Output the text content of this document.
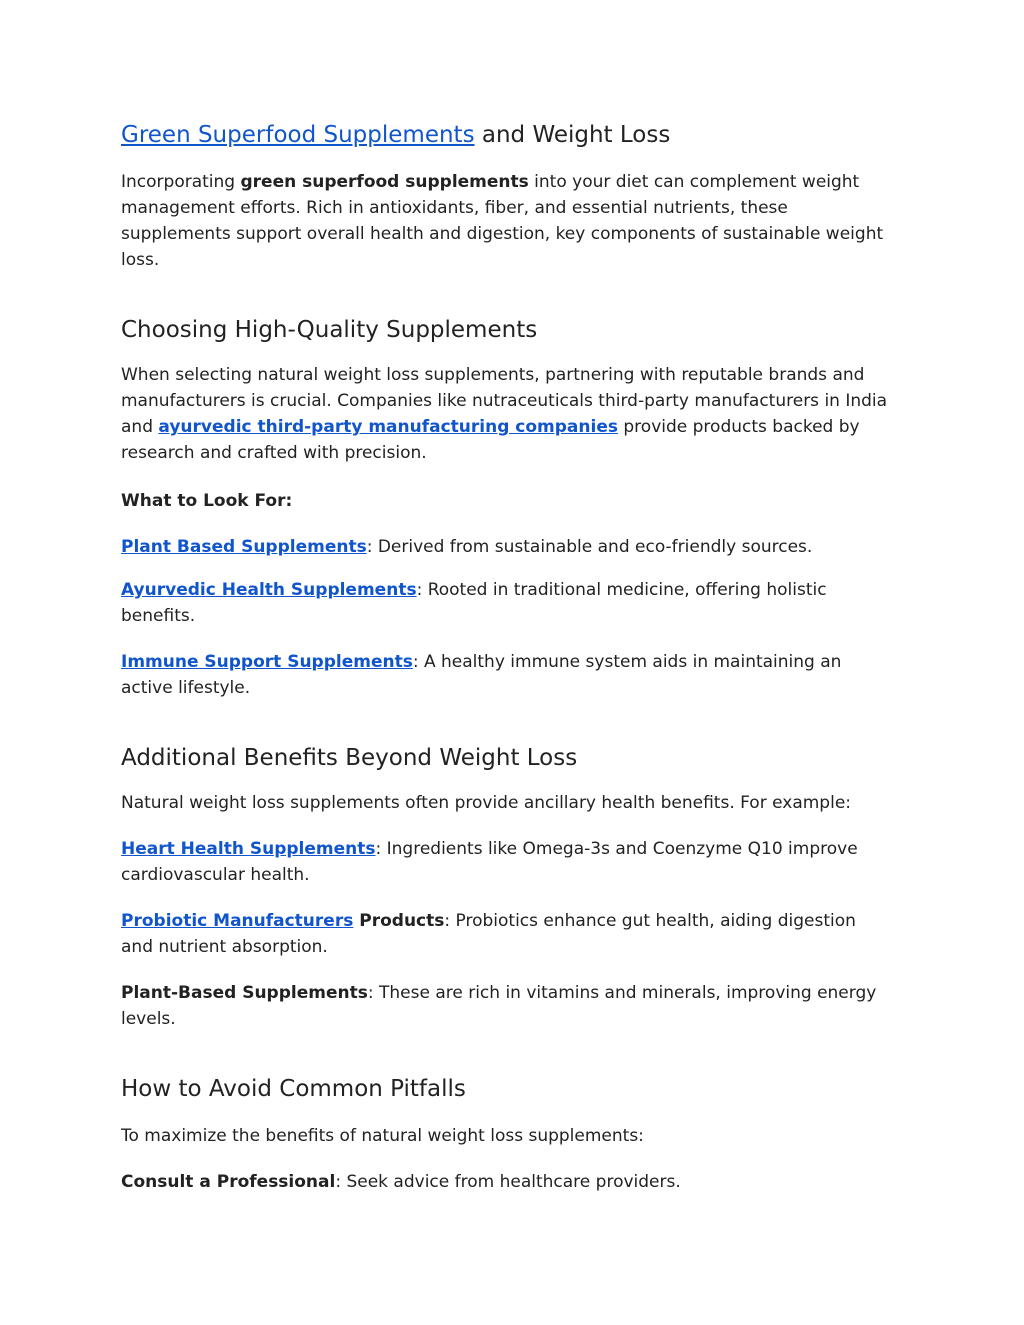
Green Superfood Supplements and Weight Loss

Incorporating green superfood supplements into your diet can complement weight management efforts. Rich in antioxidants, fiber, and essential nutrients, these supplements support overall health and digestion, key components of sustainable weight loss.

Choosing High-Quality Supplements

When selecting natural weight loss supplements, partnering with reputable brands and manufacturers is crucial. Companies like nutraceuticals third-party manufacturers in India and ayurvedic third-party manufacturing companies provide products backed by research and crafted with precision.

What to Look For:

Plant Based Supplements: Derived from sustainable and eco-friendly sources.

Ayurvedic Health Supplements: Rooted in traditional medicine, offering holistic benefits.

Immune Support Supplements: A healthy immune system aids in maintaining an active lifestyle.

Additional Benefits Beyond Weight Loss

Natural weight loss supplements often provide ancillary health benefits. For example:

Heart Health Supplements: Ingredients like Omega-3s and Coenzyme Q10 improve cardiovascular health.

Probiotic Manufacturers Products: Probiotics enhance gut health, aiding digestion and nutrient absorption.

Plant-Based Supplements: These are rich in vitamins and minerals, improving energy levels.

How to Avoid Common Pitfalls

To maximize the benefits of natural weight loss supplements:

Consult a Professional: Seek advice from healthcare providers.
